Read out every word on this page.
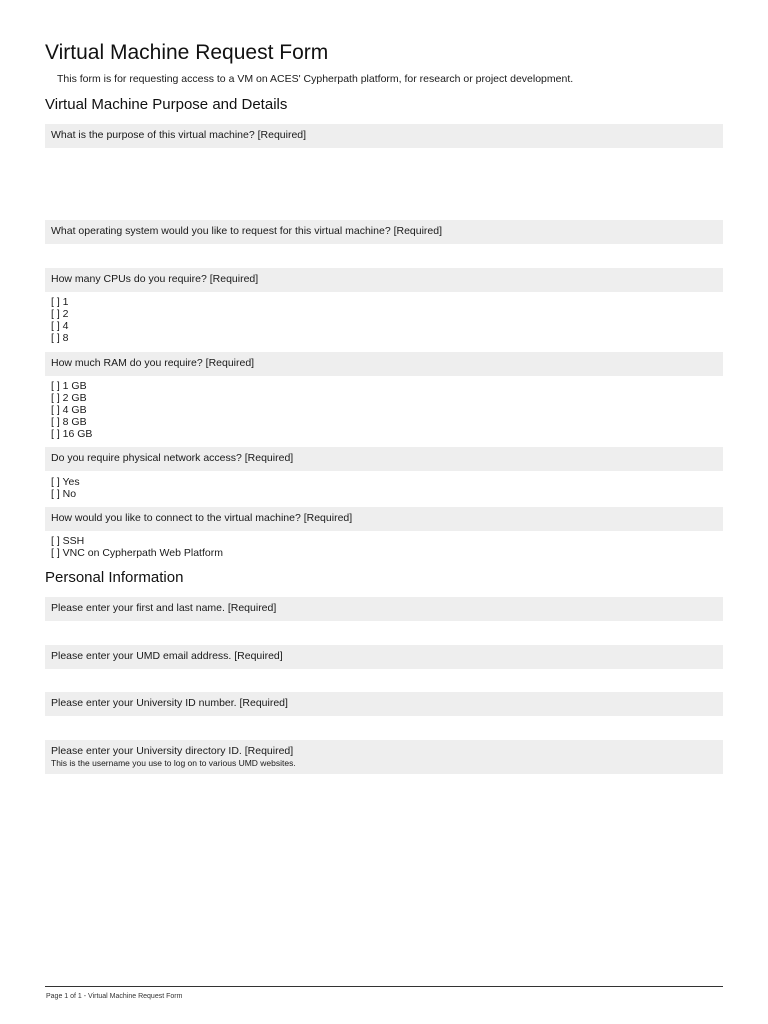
Virtual Machine Request Form

This form is for requesting access to a VM on ACES' Cypherpath platform, for research or project development.

Virtual Machine Purpose and Details
What is the purpose of this virtual machine? [Required]
What operating system would you like to request for this virtual machine? [Required]
How many CPUs do you require? [Required]
[ ] 1
[ ] 2
[ ] 4
[ ] 8
How much RAM do you require? [Required]
[ ] 1 GB
[ ] 2 GB
[ ] 4 GB
[ ] 8 GB
[ ] 16 GB
Do you require physical network access? [Required]
[ ] Yes
[ ] No
How would you like to connect to the virtual machine? [Required]
[ ] SSH
[ ] VNC on Cypherpath Web Platform
Personal Information
Please enter your first and last name. [Required]
Please enter your UMD email address. [Required]
Please enter your University ID number. [Required]
Please enter your University directory ID. [Required]
This is the username you use to log on to various UMD websites.
Page 1 of 1 - Virtual Machine Request Form
